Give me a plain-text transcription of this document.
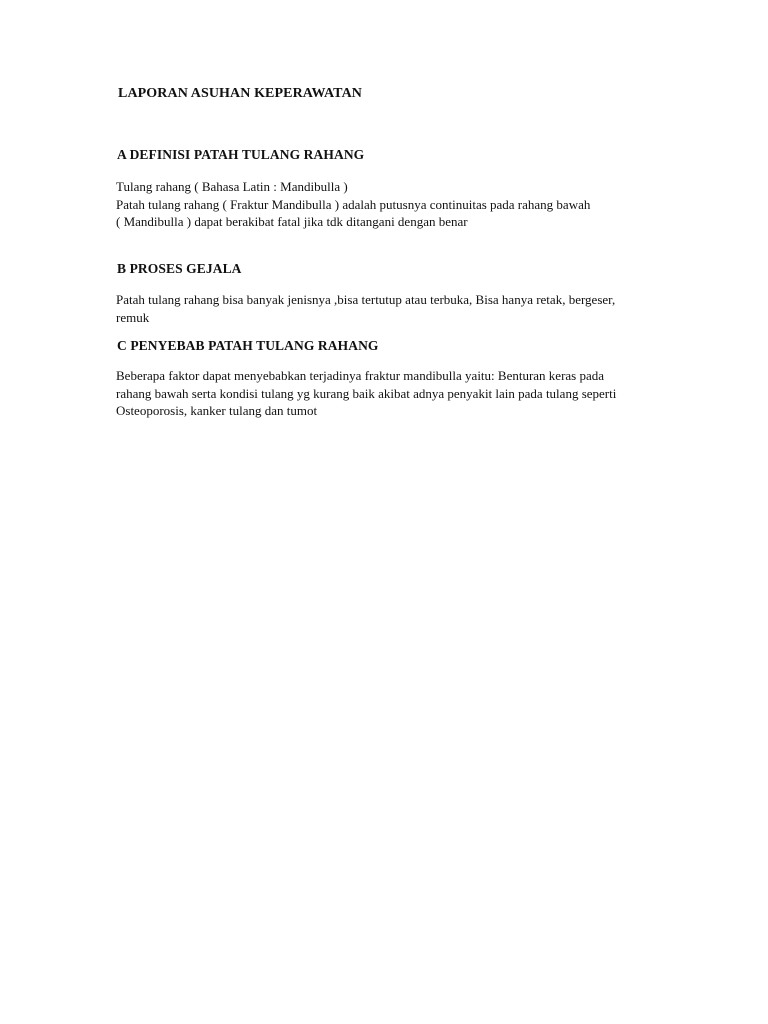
LAPORAN ASUHAN KEPERAWATAN
A DEFINISI PATAH TULANG RAHANG
Tulang rahang ( Bahasa Latin : Mandibulla )
Patah tulang rahang ( Fraktur Mandibulla ) adalah putusnya continuitas pada rahang bawah
( Mandibulla ) dapat berakibat fatal jika tdk ditangani dengan benar
B PROSES GEJALA
Patah tulang rahang bisa banyak jenisnya ,bisa tertutup atau terbuka, Bisa hanya retak, bergeser,
remuk
C PENYEBAB PATAH TULANG RAHANG
Beberapa faktor dapat menyebabkan terjadinya fraktur mandibulla yaitu: Benturan keras pada
rahang bawah serta kondisi tulang yg kurang baik akibat adnya penyakit lain pada tulang seperti
Osteoporosis, kanker tulang dan tumot
